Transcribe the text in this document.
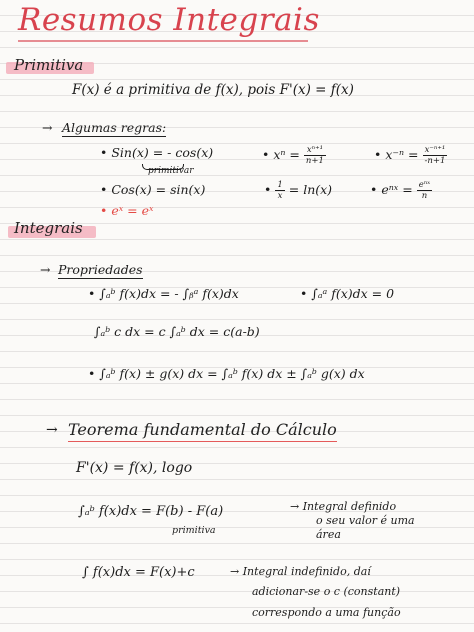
Resumos Integrais
Primitiva
F(x) é a primitiva de f(x), pois F'(x) = f(x)
→ Algumas regras:
• Sin(x) = - cos(x)
primitivar
• $x^n = \frac{\text{xⁿ⁺¹}}{n+1}$	• $x^{-n} = \frac{\text{x⁻ⁿ⁺¹}}{-n+1}$
• Cos(x) = sin(x)	• $\frac{1}{x} = \ln(x)$	• eⁿˣ = $\frac{\text{eⁿˣ}}{n}$
• eˣ = eˣ
Integrais
→ Propriedades
• ∫ₐᵇ f(x)dx = - ∫ᵦᵃ f(x)dx	• ∫ₐᵃ f(x)dx = 0
∫ₐᵇ c dx = c ∫ₐᵇ dx = c(a-b)
• ∫ₐᵇ f(x) ± g(x) dx = ∫ₐᵇ f(x) dx ± ∫ₐᵇ g(x) dx
→ Teorema fundamental do Cálculo
F'(x) = f(x), logo
∫ₐᵇ f(x)dx = F(b) - F(a)
primitiva
→ Integral definido
o seu valor é uma
área
∫ f(x)dx = F(x)+c	→ Integral indefinido, daí
adicionar-se o c (constant)
correspondo a uma função
